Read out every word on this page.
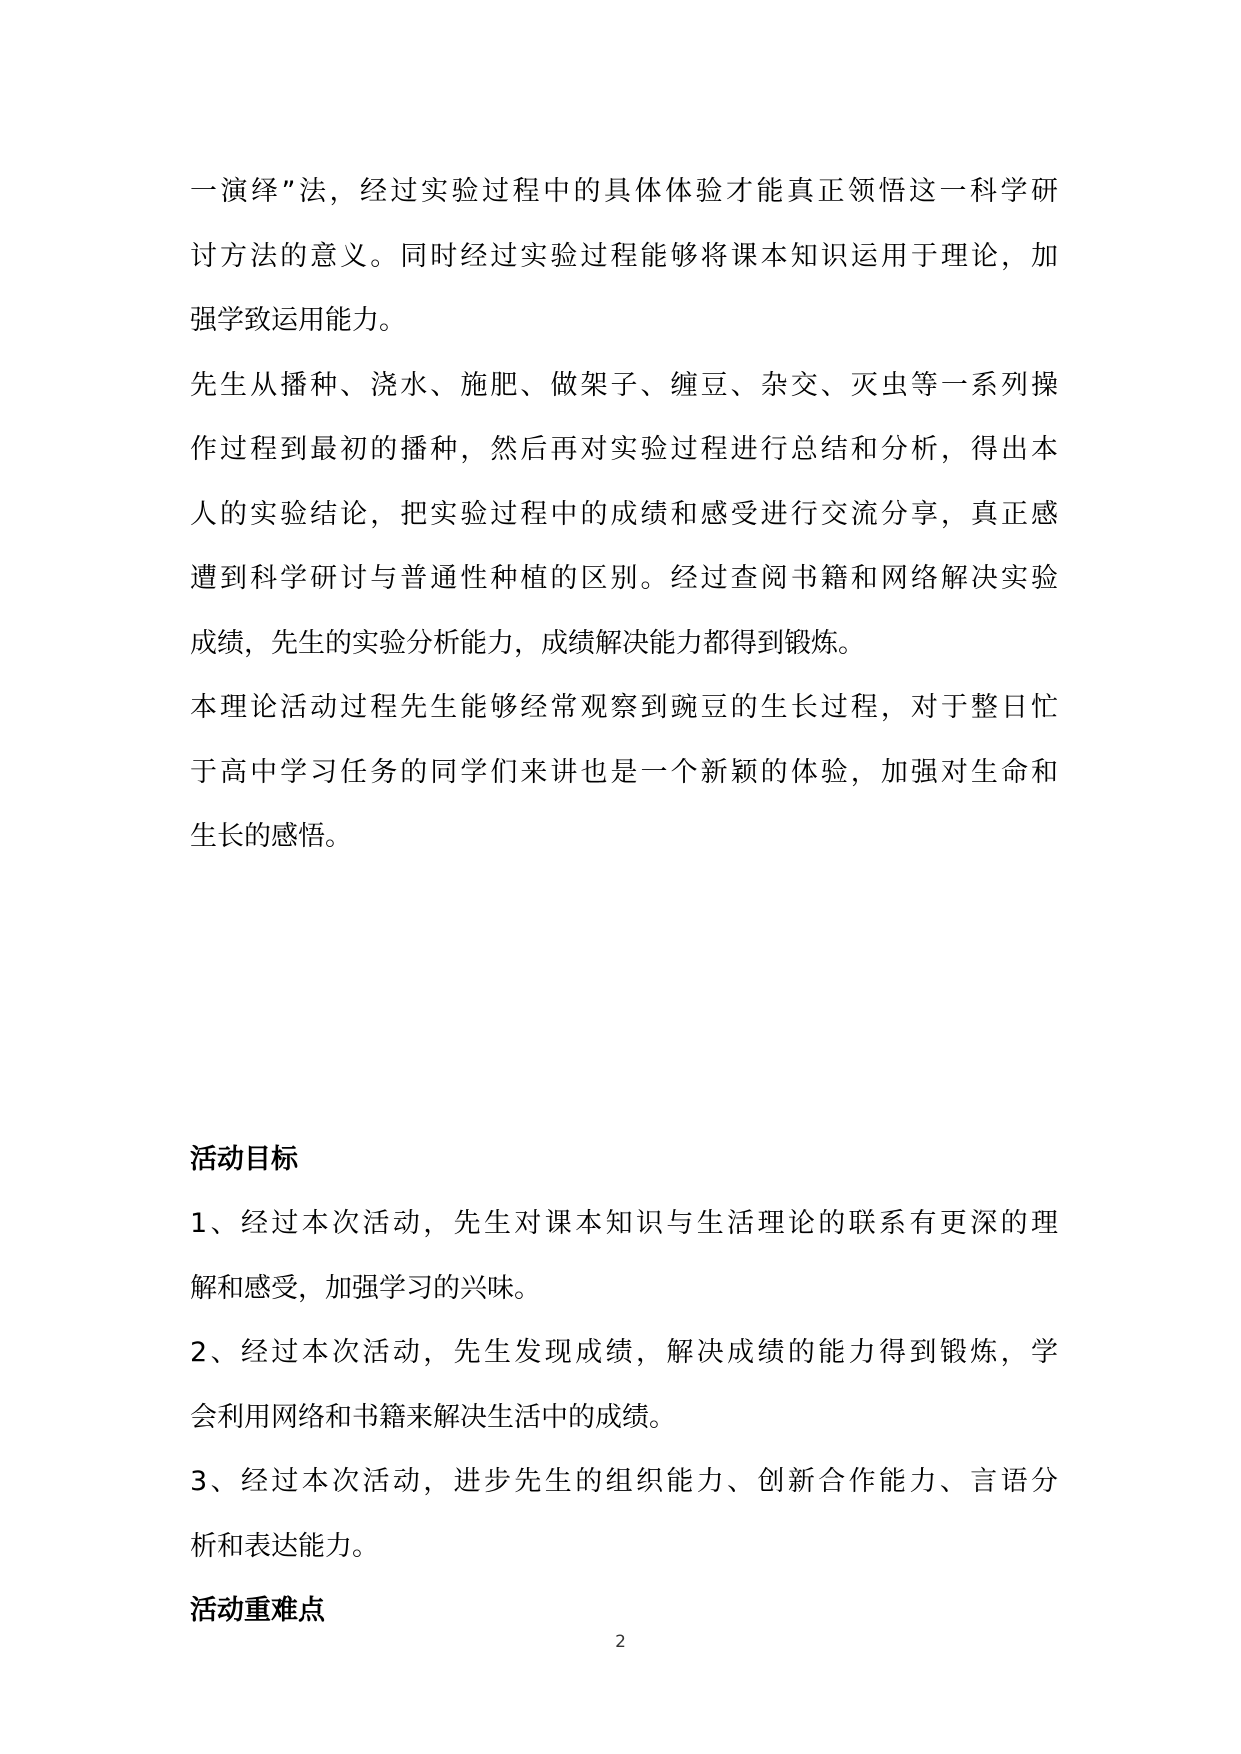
一演绎”法，经过实验过程中的具体体验才能真正领悟这一科学研
讨方法的意义。同时经过实验过程能够将课本知识运用于理论，加
强学致运用能力。
先生从播种、浇水、施肥、做架子、缠豆、杂交、灭虫等一系列操
作过程到最初的播种，然后再对实验过程进行总结和分析，得出本
人的实验结论，把实验过程中的成绩和感受进行交流分享，真正感
遭到科学研讨与普通性种植的区别。经过查阅书籍和网络解决实验
成绩，先生的实验分析能力，成绩解决能力都得到锻炼。
本理论活动过程先生能够经常观察到豌豆的生长过程，对于整日忙
于高中学习任务的同学们来讲也是一个新颖的体验，加强对生命和
生长的感悟。
活动目标
1、经过本次活动，先生对课本知识与生活理论的联系有更深的理
解和感受，加强学习的兴味。
2、经过本次活动，先生发现成绩，解决成绩的能力得到锻炼，学
会利用网络和书籍来解决生活中的成绩。
3、经过本次活动，进步先生的组织能力、创新合作能力、言语分
析和表达能力。
活动重难点
2
